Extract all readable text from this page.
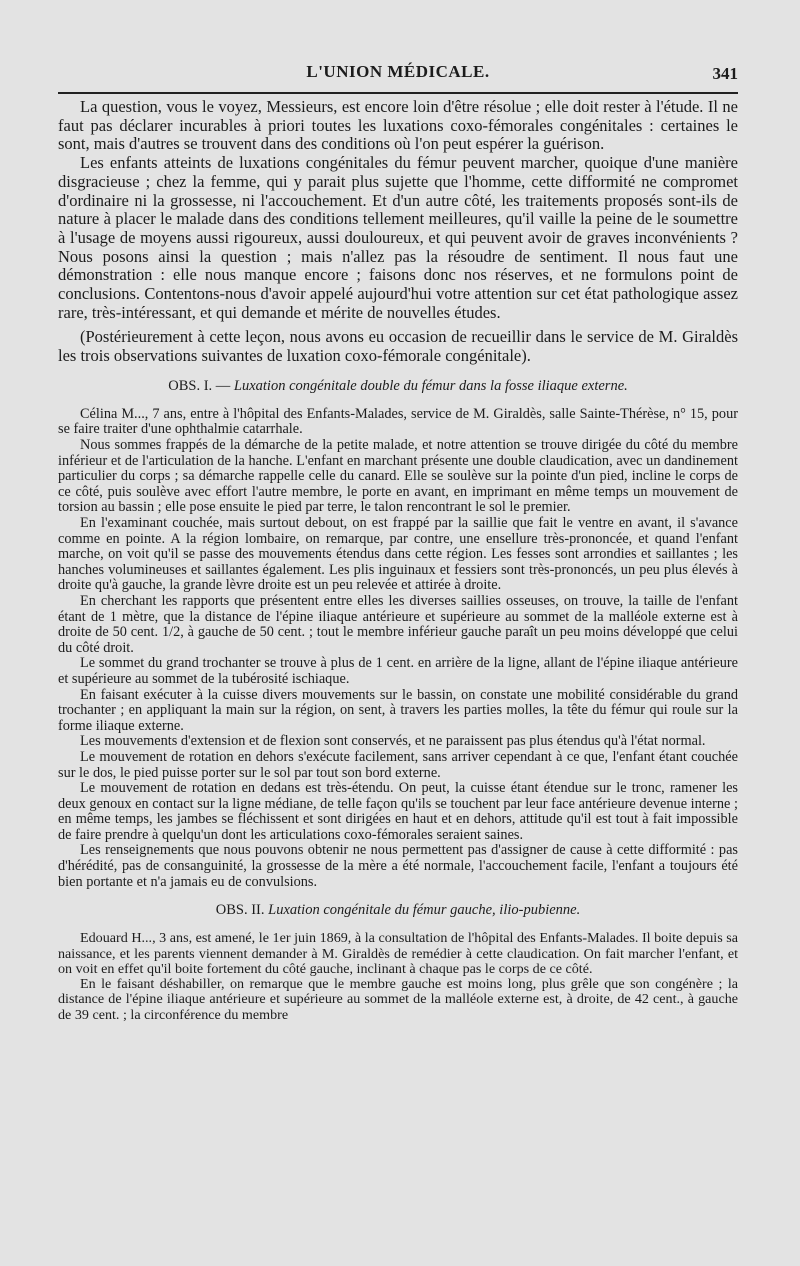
L'UNION MÉDICALE.	341

La question, vous le voyez, Messieurs, est encore loin d'être résolue ; elle doit rester à l'étude. Il ne faut pas déclarer incurables à priori toutes les luxations coxo-fémorales congénitales : certaines le sont, mais d'autres se trouvent dans des conditions où l'on peut espérer la guérison.

Les enfants atteints de luxations congénitales du fémur peuvent marcher, quoique d'une manière disgracieuse ; chez la femme, qui y parait plus sujette que l'homme, cette difformité ne compromet d'ordinaire ni la grossesse, ni l'accouchement. Et d'un autre côté, les traitements proposés sont-ils de nature à placer le malade dans des conditions tellement meilleures, qu'il vaille la peine de le soumettre à l'usage de moyens aussi rigoureux, aussi douloureux, et qui peuvent avoir de graves inconvénients ? Nous posons ainsi la question ; mais n'allez pas la résoudre de sentiment. Il nous faut une démonstration : elle nous manque encore ; faisons donc nos réserves, et ne formulons point de conclusions. Contentons-nous d'avoir appelé aujourd'hui votre attention sur cet état pathologique assez rare, très-intéressant, et qui demande et mérite de nouvelles études.

(Postérieurement à cette leçon, nous avons eu occasion de recueillir dans le service de M. Giraldès les trois observations suivantes de luxation coxo-fémorale congénitale).

OBS. I. — Luxation congénitale double du fémur dans la fosse iliaque externe.

Célina M..., 7 ans, entre à l'hôpital des Enfants-Malades, service de M. Giraldès, salle Sainte-Thérèse, n° 15, pour se faire traiter d'une ophthalmie catarrhale.

Nous sommes frappés de la démarche de la petite malade, et notre attention se trouve dirigée du côté du membre inférieur et de l'articulation de la hanche. L'enfant en marchant présente une double claudication, avec un dandinement particulier du corps ; sa démarche rappelle celle du canard. Elle se soulève sur la pointe d'un pied, incline le corps de ce côté, puis soulève avec effort l'autre membre, le porte en avant, en imprimant en même temps un mouvement de torsion au bassin ; elle pose ensuite le pied par terre, le talon rencontrant le sol le premier.

En l'examinant couchée, mais surtout debout, on est frappé par la saillie que fait le ventre en avant, il s'avance comme en pointe. A la région lombaire, on remarque, par contre, une ensellure très-prononcée, et quand l'enfant marche, on voit qu'il se passe des mouvements étendus dans cette région. Les fesses sont arrondies et saillantes ; les hanches volumineuses et saillantes également. Les plis inguinaux et fessiers sont très-prononcés, un peu plus élevés à droite qu'à gauche, la grande lèvre droite est un peu relevée et attirée à droite.

En cherchant les rapports que présentent entre elles les diverses saillies osseuses, on trouve, la taille de l'enfant étant de 1 mètre, que la distance de l'épine iliaque antérieure et supérieure au sommet de la malléole externe est à droite de 50 cent. 1/2, à gauche de 50 cent. ; tout le membre inférieur gauche paraît un peu moins développé que celui du côté droit.

Le sommet du grand trochanter se trouve à plus de 1 cent. en arrière de la ligne, allant de l'épine iliaque antérieure et supérieure au sommet de la tubérosité ischiaque.

En faisant exécuter à la cuisse divers mouvements sur le bassin, on constate une mobilité considérable du grand trochanter ; en appliquant la main sur la région, on sent, à travers les parties molles, la tête du fémur qui roule sur la forme iliaque externe.

Les mouvements d'extension et de flexion sont conservés, et ne paraissent pas plus étendus qu'à l'état normal.

Le mouvement de rotation en dehors s'exécute facilement, sans arriver cependant à ce que, l'enfant étant couchée sur le dos, le pied puisse porter sur le sol par tout son bord externe.

Le mouvement de rotation en dedans est très-étendu. On peut, la cuisse étant étendue sur le tronc, ramener les deux genoux en contact sur la ligne médiane, de telle façon qu'ils se touchent par leur face antérieure devenue interne ; en même temps, les jambes se fléchissent et sont dirigées en haut et en dehors, attitude qu'il est tout à fait impossible de faire prendre à quelqu'un dont les articulations coxo-fémorales seraient saines.

Les renseignements que nous pouvons obtenir ne nous permettent pas d'assigner de cause à cette difformité : pas d'hérédité, pas de consanguinité, la grossesse de la mère a été normale, l'accouchement facile, l'enfant a toujours été bien portante et n'a jamais eu de convulsions.

OBS. II. Luxation congénitale du fémur gauche, ilio-pubienne.

Edouard H..., 3 ans, est amené, le 1er juin 1869, à la consultation de l'hôpital des Enfants-Malades. Il boite depuis sa naissance, et les parents viennent demander à M. Giraldès de remédier à cette claudication. On fait marcher l'enfant, et on voit en effet qu'il boite fortement du côté gauche, inclinant à chaque pas le corps de ce côté.

En le faisant déshabiller, on remarque que le membre gauche est moins long, plus grêle que son congénère ; la distance de l'épine iliaque antérieure et supérieure au sommet de la malléole externe est, à droite, de 42 cent., à gauche de 39 cent. ; la circonférence du membre
